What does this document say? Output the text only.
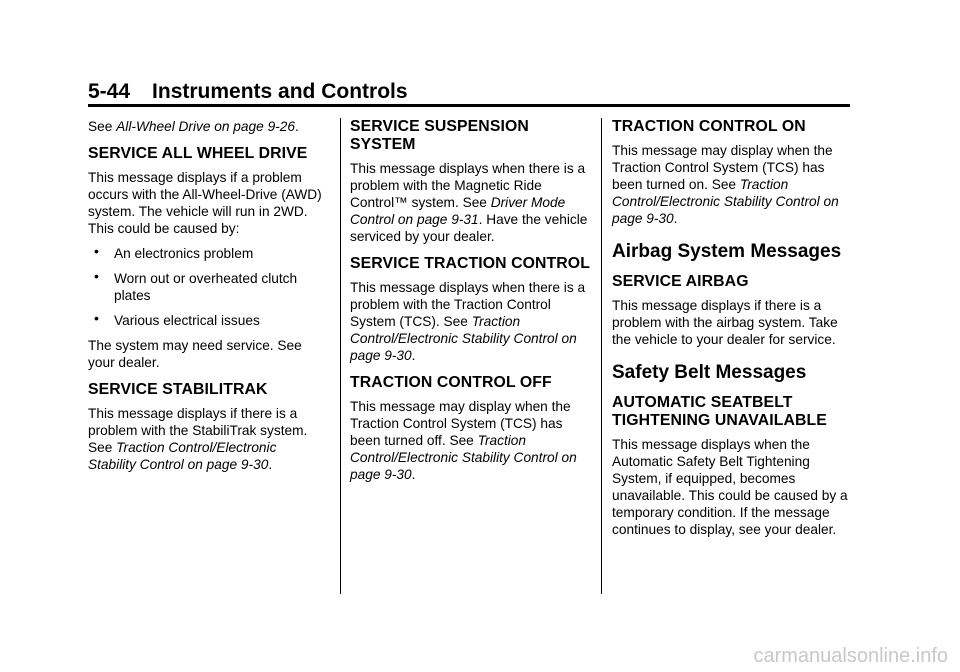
5-44 Instruments and Controls

See All-Wheel Drive on page 9-26.

SERVICE ALL WHEEL DRIVE

This message displays if a problem occurs with the All-Wheel-Drive (AWD) system. The vehicle will run in 2WD. This could be caused by:

• An electronics problem
• Worn out or overheated clutch plates
• Various electrical issues

The system may need service. See your dealer.

SERVICE STABILITRAK

This message displays if there is a problem with the StabiliTrak system. See Traction Control/Electronic Stability Control on page 9-30.

SERVICE SUSPENSION SYSTEM

This message displays when there is a problem with the Magnetic Ride Control™ system. See Driver Mode Control on page 9-31. Have the vehicle serviced by your dealer.

SERVICE TRACTION CONTROL

This message displays when there is a problem with the Traction Control System (TCS). See Traction Control/Electronic Stability Control on page 9-30.

TRACTION CONTROL OFF

This message may display when the Traction Control System (TCS) has been turned off. See Traction Control/Electronic Stability Control on page 9-30.

TRACTION CONTROL ON

This message may display when the Traction Control System (TCS) has been turned on. See Traction Control/Electronic Stability Control on page 9-30.

Airbag System Messages
SERVICE AIRBAG

This message displays if there is a problem with the airbag system. Take the vehicle to your dealer for service.

Safety Belt Messages
AUTOMATIC SEATBELT TIGHTENING UNAVAILABLE

This message displays when the Automatic Safety Belt Tightening System, if equipped, becomes unavailable. This could be caused by a temporary condition. If the message continues to display, see your dealer.

carmanualsonline.info
